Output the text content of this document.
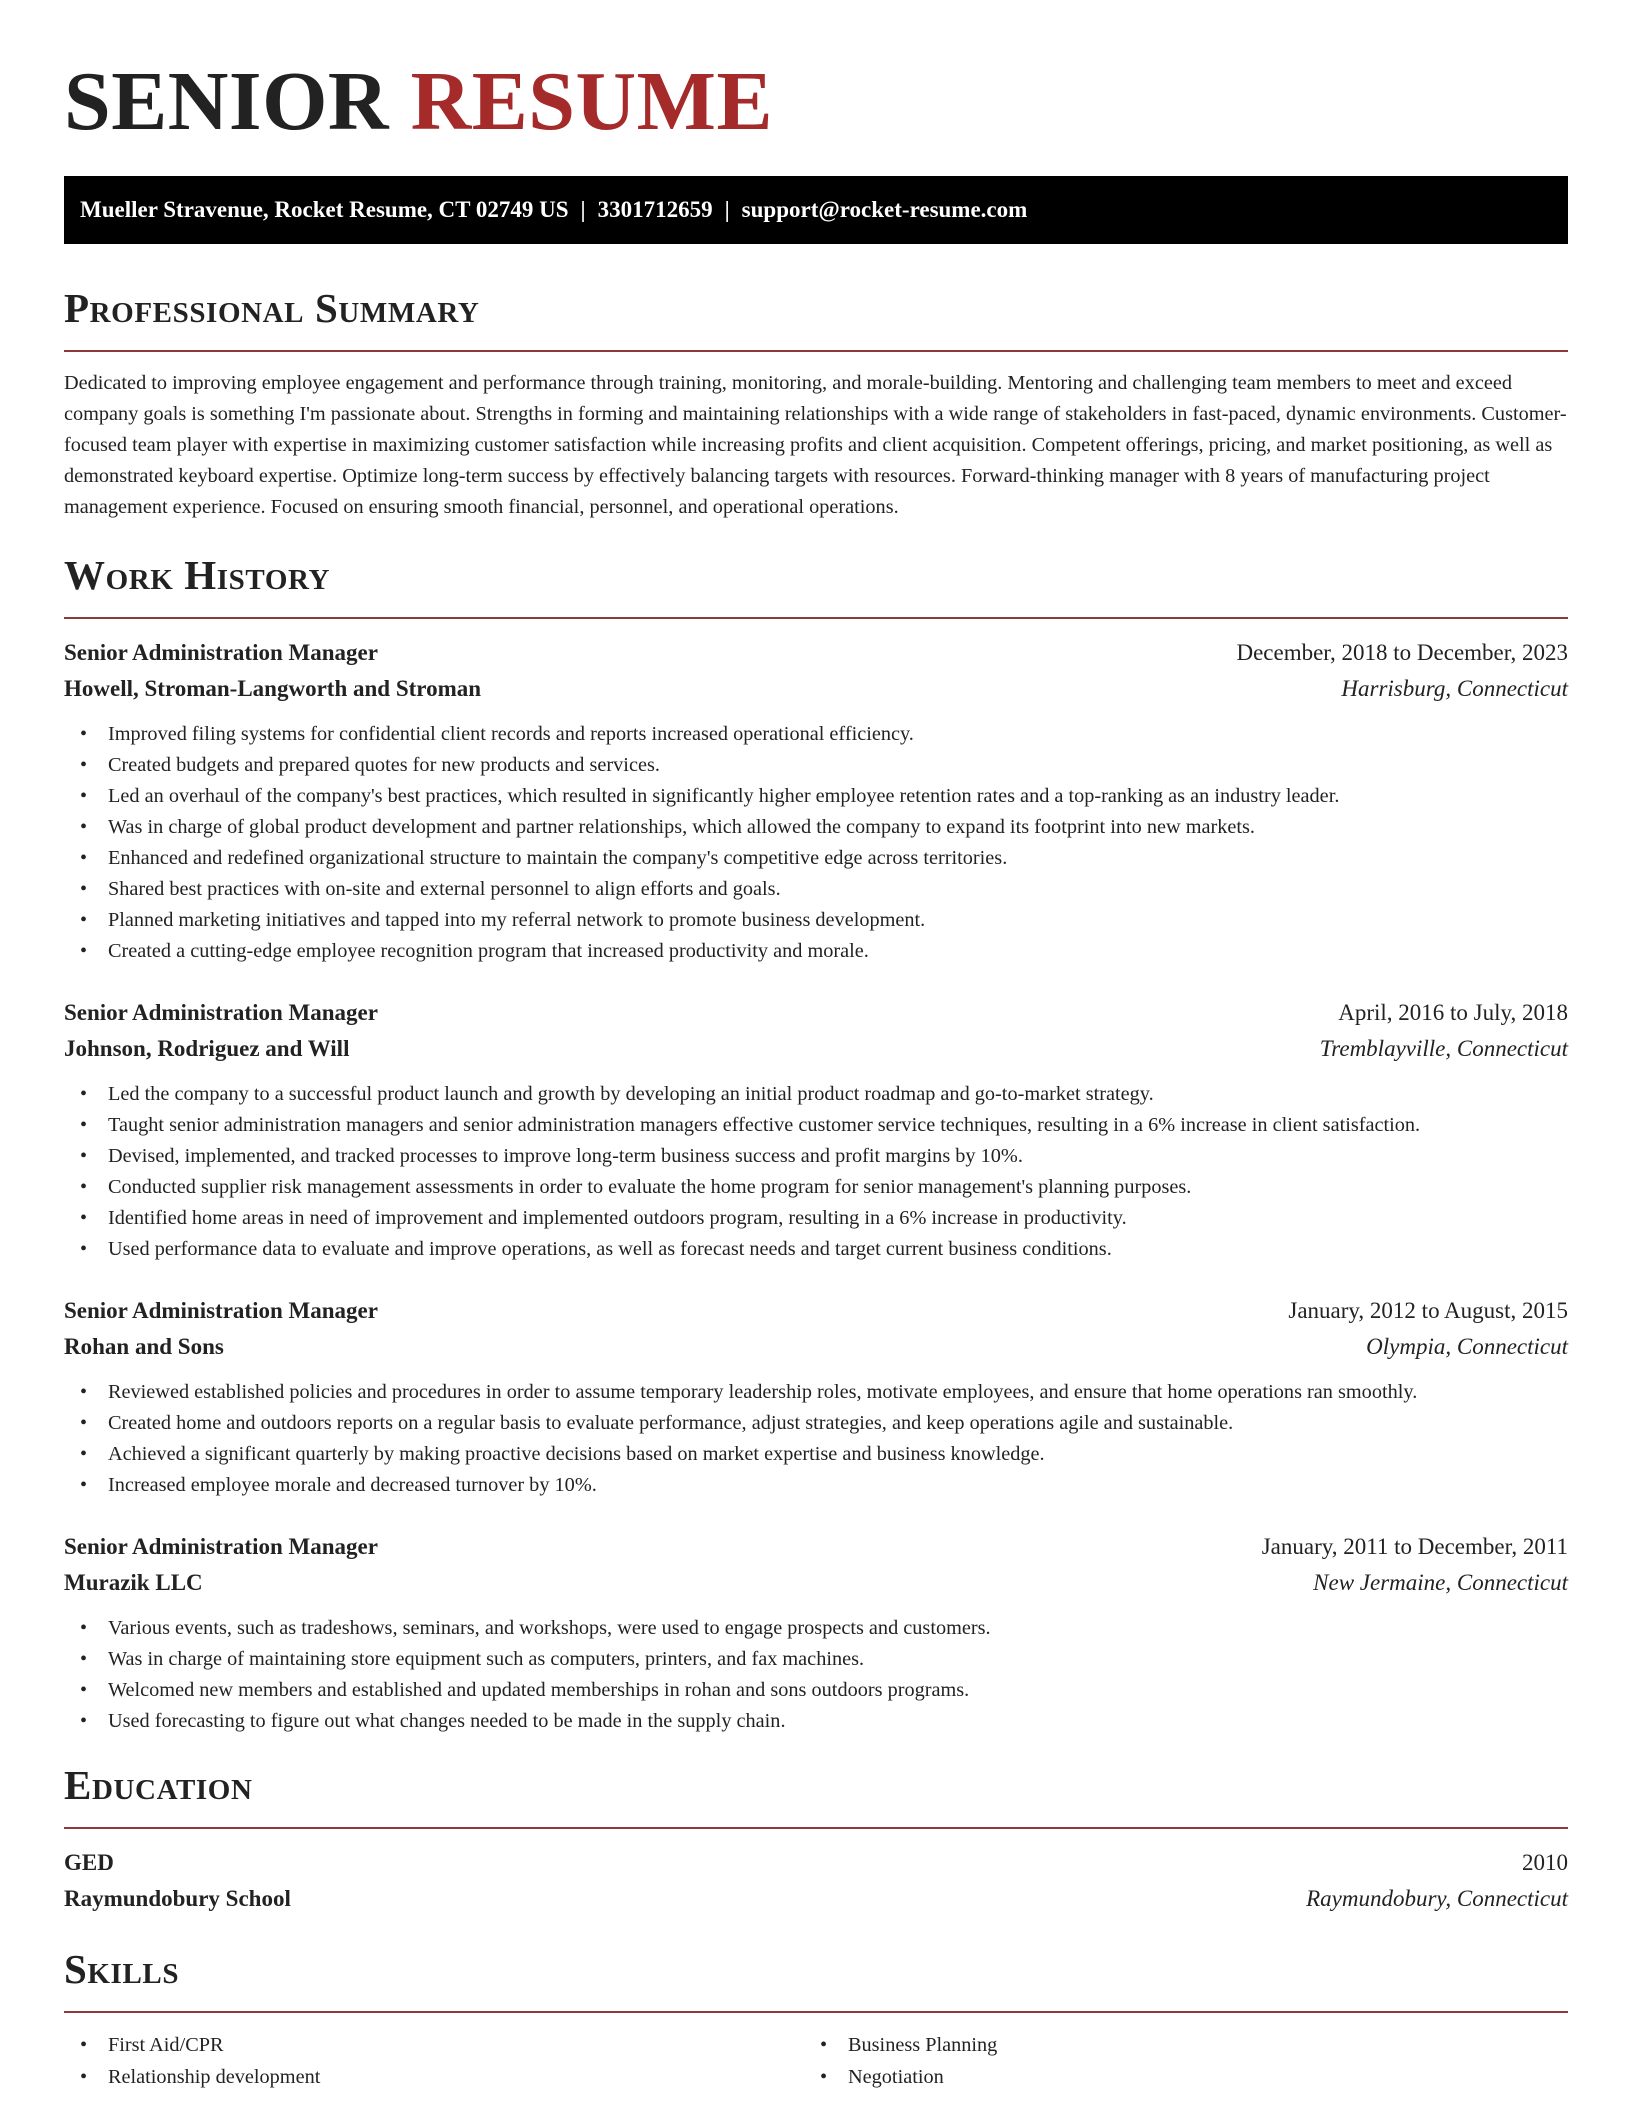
SENIOR RESUME
Mueller Stravenue, Rocket Resume, CT 02749 US | 3301712659 | support@rocket-resume.com
Professional Summary

Dedicated to improving employee engagement and performance through training, monitoring, and morale-building. Mentoring and challenging team members to meet and exceed company goals is something I'm passionate about. Strengths in forming and maintaining relationships with a wide range of stakeholders in fast-paced, dynamic environments. Customer-focused team player with expertise in maximizing customer satisfaction while increasing profits and client acquisition. Competent offerings, pricing, and market positioning, as well as demonstrated keyboard expertise. Optimize long-term success by effectively balancing targets with resources. Forward-thinking manager with 8 years of manufacturing project management experience. Focused on ensuring smooth financial, personnel, and operational operations.

Work History
Senior Administration Manager	December, 2018 to December, 2023
Howell, Stroman-Langworth and Stroman	Harrisburg, Connecticut
• Improved filing systems for confidential client records and reports increased operational efficiency.
• Created budgets and prepared quotes for new products and services.
• Led an overhaul of the company's best practices, which resulted in significantly higher employee retention rates and a top-ranking as an industry leader.
• Was in charge of global product development and partner relationships, which allowed the company to expand its footprint into new markets.
• Enhanced and redefined organizational structure to maintain the company's competitive edge across territories.
• Shared best practices with on-site and external personnel to align efforts and goals.
• Planned marketing initiatives and tapped into my referral network to promote business development.
• Created a cutting-edge employee recognition program that increased productivity and morale.
Senior Administration Manager	April, 2016 to July, 2018
Johnson, Rodriguez and Will	Tremblayville, Connecticut
• Led the company to a successful product launch and growth by developing an initial product roadmap and go-to-market strategy.
• Taught senior administration managers and senior administration managers effective customer service techniques, resulting in a 6% increase in client satisfaction.
• Devised, implemented, and tracked processes to improve long-term business success and profit margins by 10%.
• Conducted supplier risk management assessments in order to evaluate the home program for senior management's planning purposes.
• Identified home areas in need of improvement and implemented outdoors program, resulting in a 6% increase in productivity.
• Used performance data to evaluate and improve operations, as well as forecast needs and target current business conditions.
Senior Administration Manager	January, 2012 to August, 2015
Rohan and Sons	Olympia, Connecticut
• Reviewed established policies and procedures in order to assume temporary leadership roles, motivate employees, and ensure that home operations ran smoothly.
• Created home and outdoors reports on a regular basis to evaluate performance, adjust strategies, and keep operations agile and sustainable.
• Achieved a significant quarterly by making proactive decisions based on market expertise and business knowledge.
• Increased employee morale and decreased turnover by 10%.
Senior Administration Manager	January, 2011 to December, 2011
Murazik LLC	New Jermaine, Connecticut
• Various events, such as tradeshows, seminars, and workshops, were used to engage prospects and customers.
• Was in charge of maintaining store equipment such as computers, printers, and fax machines.
• Welcomed new members and established and updated memberships in rohan and sons outdoors programs.
• Used forecasting to figure out what changes needed to be made in the supply chain.
Education
GED	2010
Raymundobury School	Raymundobury, Connecticut
Skills
• First Aid/CPR
• Relationship development
• Business Planning
• Negotiation
